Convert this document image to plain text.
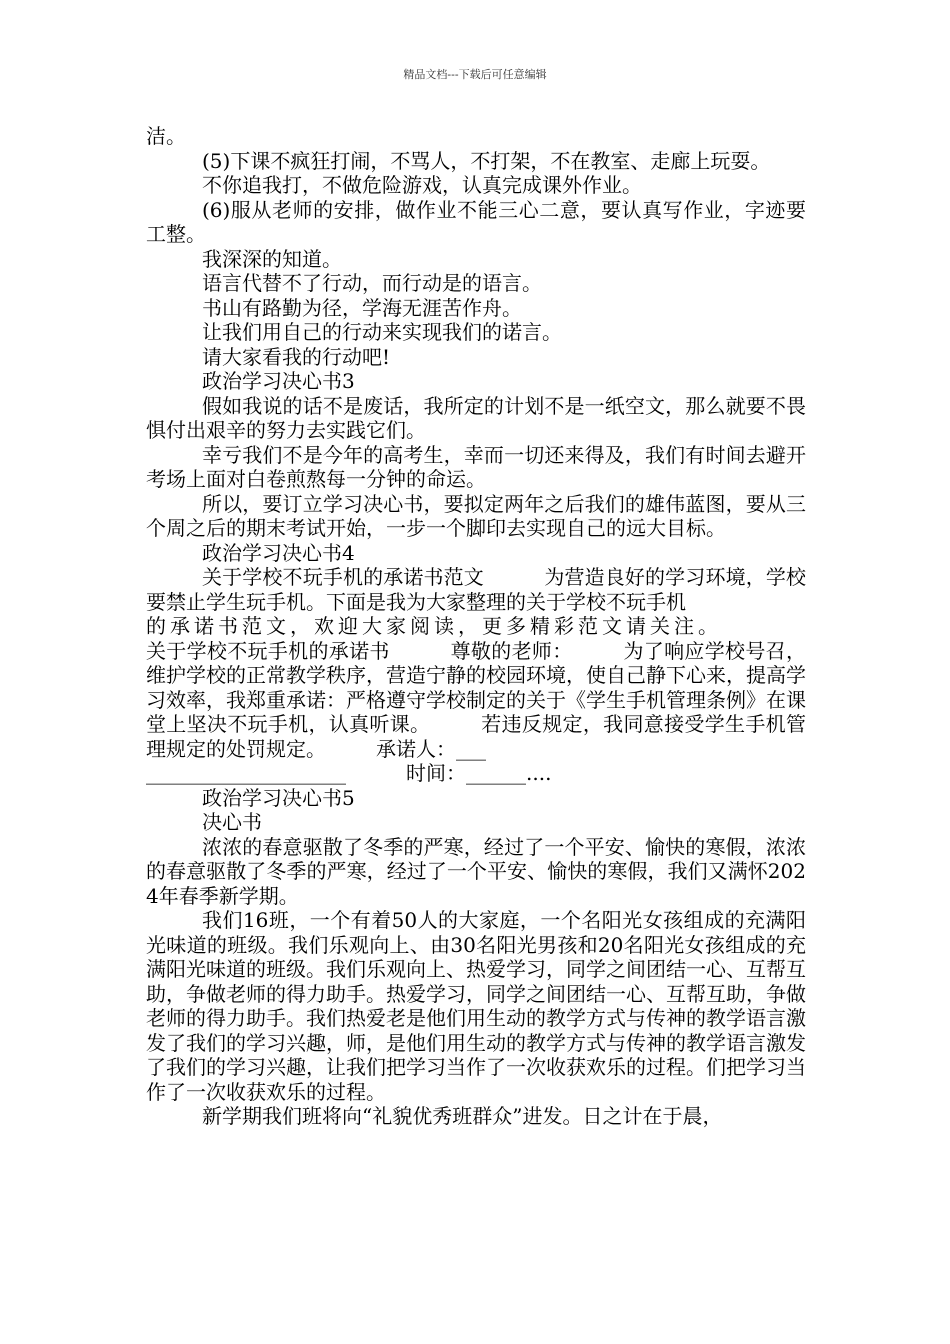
精品文档---下载后可任意编辑

洁。

(5)下课不疯狂打闹，不骂人，不打架，不在教室、走廊上玩耍。

不你追我打，不做危险游戏，认真完成课外作业。

(6)服从老师的安排，做作业不能三心二意，要认真写作业，字迹要工整。

我深深的知道。

语言代替不了行动，而行动是的语言。

书山有路勤为径，学海无涯苦作舟。

让我们用自己的行动来实现我们的诺言。

请大家看我的行动吧!

政治学习决心书3

假如我说的话不是废话，我所定的计划不是一纸空文，那么就要不畏惧付出艰辛的努力去实践它们。

幸亏我们不是今年的高考生，幸而一切还来得及，我们有时间去避开考场上面对白卷煎熬每一分钟的命运。

所以，要订立学习决心书，要拟定两年之后我们的雄伟蓝图，要从三个周之后的期末考试开始，一步一个脚印去实现自己的远大目标。

政治学习决心书4

关于学校不玩手机的承诺书范文　　　为营造良好的学习环境，学校要禁止学生玩手机。下面是我为大家整理的关于学校不玩手机

的承诺书范文，欢迎大家阅读，更多精彩范文请关注。

关于学校不玩手机的承诺书　　　尊敬的老师：　　　为了响应学校号召，维护学校的正常教学秩序，营造宁静的校园环境，使自己静下心来，提高学习效率，我郑重承诺：严格遵守学校制定的关于《学生手机管理条例》在课堂上坚决不玩手机，认真听课。　　　若违反规定，我同意接受学生手机管理规定的处罚规定。　　　承诺人：___

____________________　　　时间：______....

政治学习决心书5

决心书

浓浓的春意驱散了冬季的严寒，经过了一个平安、愉快的寒假，浓浓的春意驱散了冬季的严寒，经过了一个平安、愉快的寒假，我们又满怀2024年春季新学期。

我们16班，一个有着50人的大家庭，一个名阳光女孩组成的充满阳光味道的班级。我们乐观向上、由30名阳光男孩和20名阳光女孩组成的充满阳光味道的班级。我们乐观向上、热爱学习，同学之间团结一心、互帮互助，争做老师的得力助手。热爱学习，同学之间团结一心、互帮互助，争做老师的得力助手。我们热爱老是他们用生动的教学方式与传神的教学语言激发了我们的学习兴趣，师，是他们用生动的教学方式与传神的教学语言激发了我们的学习兴趣，让我们把学习当作了一次收获欢乐的过程。们把学习当作了一次收获欢乐的过程。

新学期我们班将向“礼貌优秀班群众”进发。日之计在于晨，
